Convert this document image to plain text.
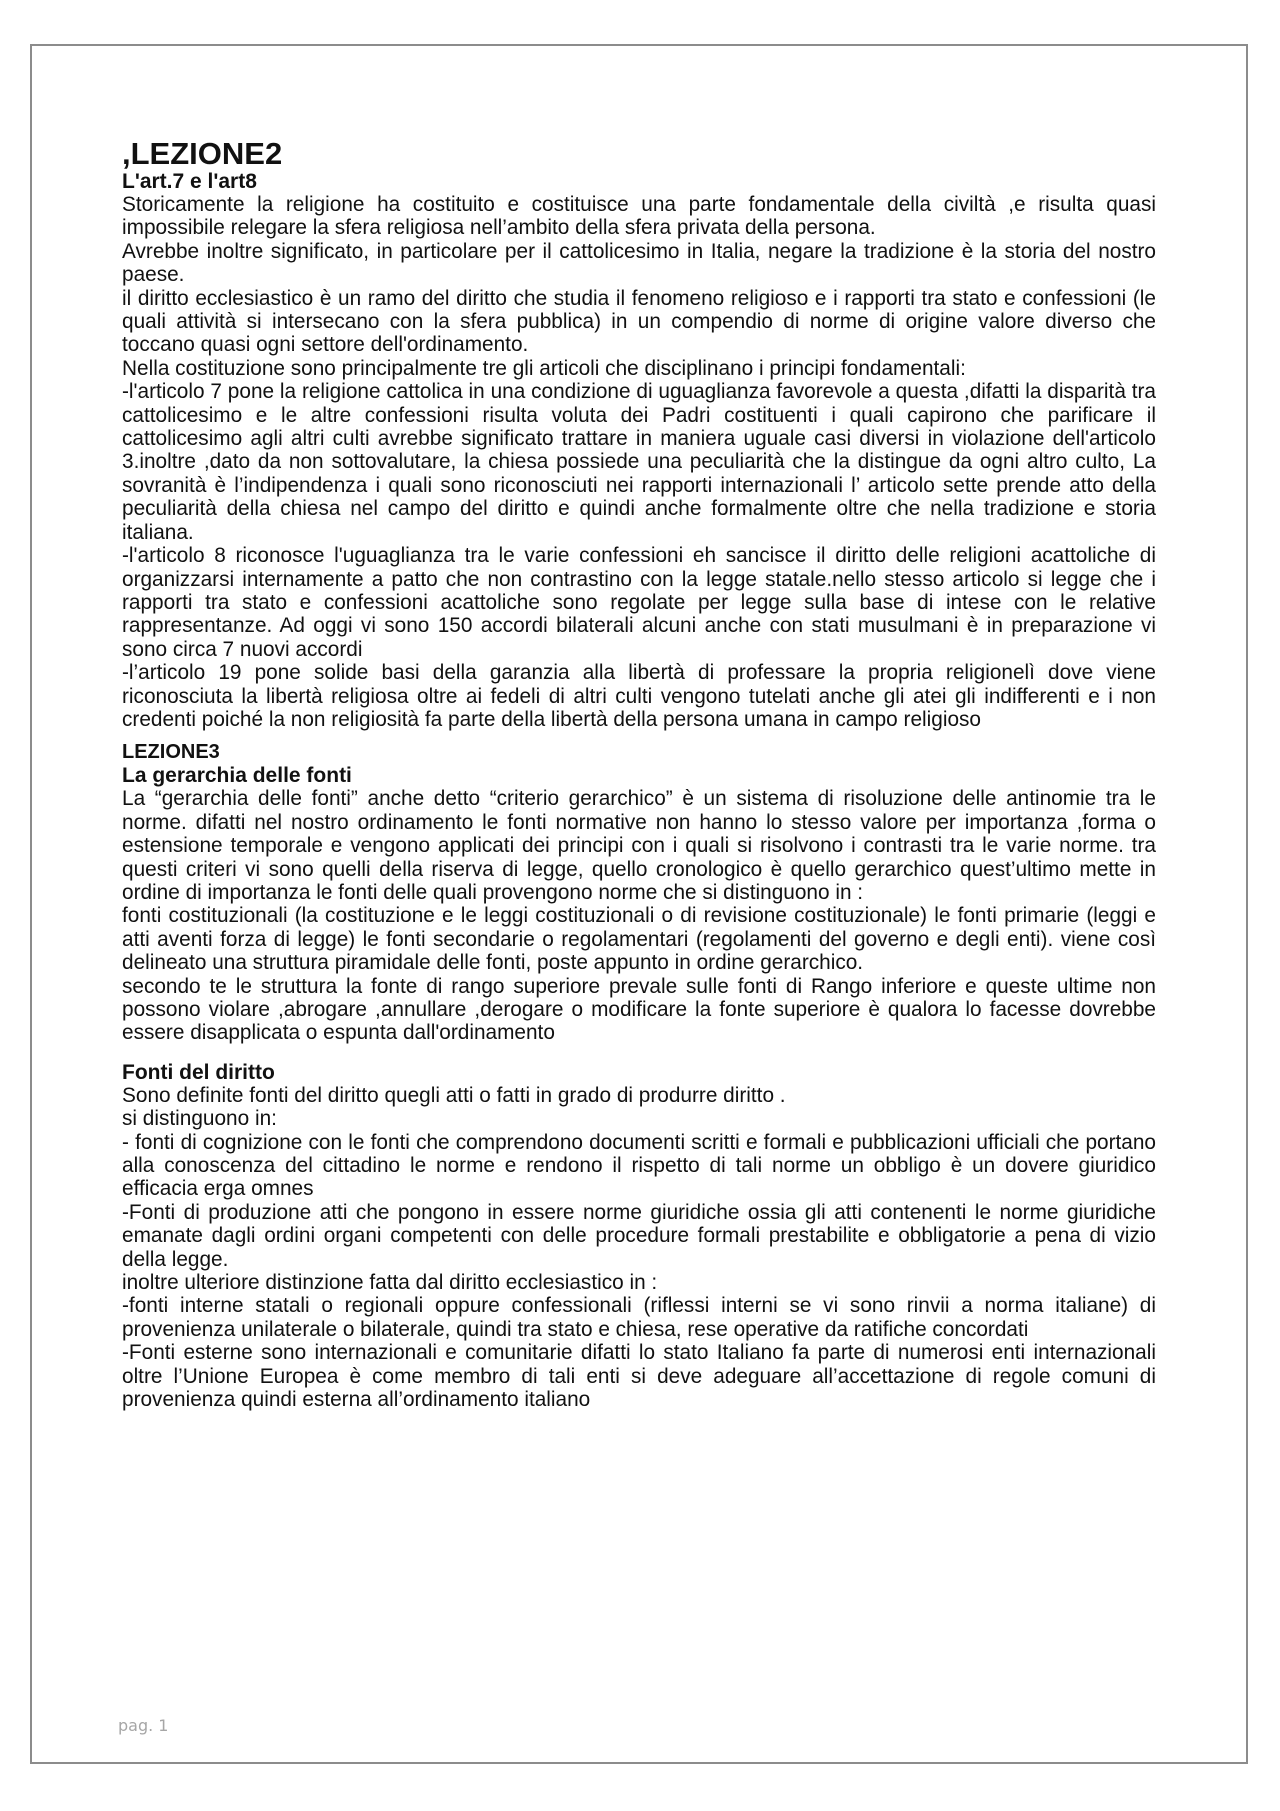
,LEZIONE2
L'art.7 e l'art8

Storicamente la religione ha costituito e costituisce una parte fondamentale della civiltà ,e risulta quasi impossibile relegare la sfera religiosa nell’ambito della sfera privata della persona.

Avrebbe inoltre significato, in particolare per il cattolicesimo in Italia, negare la tradizione è la storia del nostro paese.

il diritto ecclesiastico è un ramo del diritto che studia il fenomeno religioso e i rapporti tra stato e confessioni (le quali attività si intersecano con la sfera pubblica) in un compendio di norme di origine valore diverso che toccano quasi ogni settore dell'ordinamento.

Nella costituzione sono principalmente tre gli articoli che disciplinano i principi fondamentali:

-l'articolo 7 pone la religione cattolica in una condizione di uguaglianza favorevole a questa ,difatti la disparità tra cattolicesimo e le altre confessioni risulta voluta dei Padri costituenti i quali capirono che parificare il cattolicesimo agli altri culti avrebbe significato trattare in maniera uguale casi diversi in violazione dell'articolo 3.inoltre ,dato da non sottovalutare, la chiesa possiede una peculiarità che la distingue da ogni altro culto, La sovranità è l’indipendenza i quali sono riconosciuti nei rapporti internazionali l’ articolo sette prende atto della peculiarità della chiesa nel campo del diritto e quindi anche formalmente oltre che nella tradizione e storia italiana.

-l'articolo 8 riconosce l'uguaglianza tra le varie confessioni eh sancisce il diritto delle religioni acattoliche di organizzarsi internamente a patto che non contrastino con la legge statale.nello stesso articolo si legge che i rapporti tra stato e confessioni acattoliche sono regolate per legge sulla base di intese con le relative rappresentanze. Ad oggi vi sono 150 accordi bilaterali alcuni anche con stati musulmani è in preparazione vi sono circa 7 nuovi accordi

-l’articolo 19 pone solide basi della garanzia alla libertà di professare la propria religionelì dove viene riconosciuta la libertà religiosa oltre ai fedeli di altri culti vengono tutelati anche gli atei gli indifferenti e i non credenti poiché la non religiosità fa parte della libertà della persona umana in campo religioso

LEZIONE3
La gerarchia delle fonti

La “gerarchia delle fonti” anche detto “criterio gerarchico” è un sistema di risoluzione delle antinomie tra le norme. difatti nel nostro ordinamento le fonti normative non hanno lo stesso valore per importanza ,forma o estensione temporale e vengono applicati dei principi con i quali si risolvono i contrasti tra le varie norme. tra questi criteri vi sono quelli della riserva di legge, quello cronologico è quello gerarchico quest’ultimo mette in ordine di importanza le fonti delle quali provengono norme che si distinguono in :

fonti costituzionali (la costituzione e le leggi costituzionali o di revisione costituzionale) le fonti primarie (leggi e atti aventi forza di legge) le fonti secondarie o regolamentari (regolamenti del governo e degli enti). viene così delineato una struttura piramidale delle fonti, poste appunto in ordine gerarchico.

secondo te le struttura la fonte di rango superiore prevale sulle fonti di Rango inferiore e queste ultime non possono violare ,abrogare ,annullare ,derogare o modificare la fonte superiore è qualora lo facesse dovrebbe essere disapplicata o espunta dall'ordinamento

Fonti del diritto

Sono definite fonti del diritto quegli atti o fatti in grado di produrre diritto .

si distinguono in:

- fonti di cognizione con le fonti che comprendono documenti scritti e formali e pubblicazioni ufficiali che portano alla conoscenza del cittadino le norme e rendono il rispetto di tali norme un obbligo è un dovere giuridico efficacia erga omnes

-Fonti di produzione atti che pongono in essere norme giuridiche ossia gli atti contenenti le norme giuridiche emanate dagli ordini organi competenti con delle procedure formali prestabilite e obbligatorie a pena di vizio della legge.

inoltre ulteriore distinzione fatta dal diritto ecclesiastico in :

-fonti interne statali o regionali oppure confessionali (riflessi interni se vi sono rinvii a norma italiane) di provenienza unilaterale o bilaterale, quindi tra stato e chiesa, rese operative da ratifiche concordati

-Fonti esterne sono internazionali e comunitarie difatti lo stato Italiano fa parte di numerosi enti internazionali oltre l’Unione Europea è come membro di tali enti si deve adeguare all’accettazione di regole comuni di provenienza quindi esterna all’ordinamento italiano

pag. 1
